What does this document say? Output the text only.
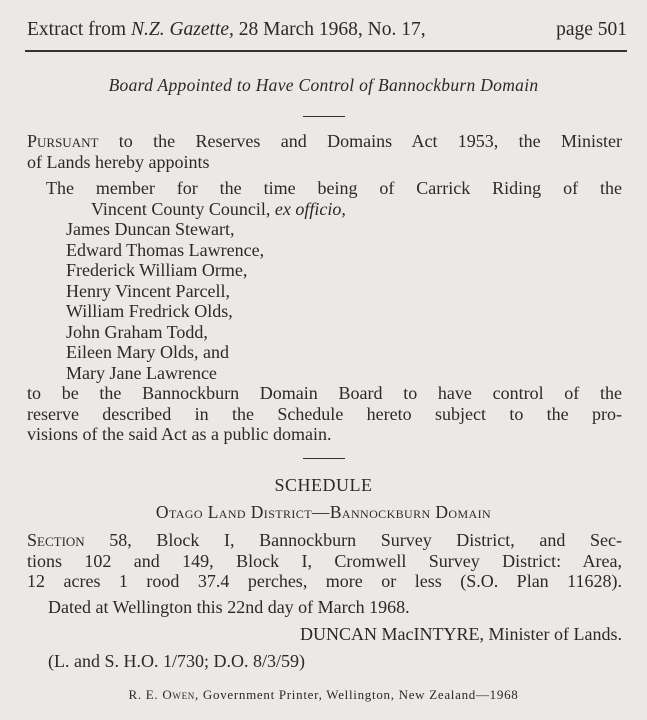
Extract from N.Z. Gazette, 28 March 1968, No. 17,	page 501
Board Appointed to Have Control of Bannockburn Domain
Pursuant to the Reserves and Domains Act 1953, the Minister
of Lands hereby appoints
The member for the time being of Carrick Riding of the
Vincent County Council, ex officio,
James Duncan Stewart,
Edward Thomas Lawrence,
Frederick William Orme,
Henry Vincent Parcell,
William Fredrick Olds,
John Graham Todd,
Eileen Mary Olds, and
Mary Jane Lawrence
to be the Bannockburn Domain Board to have control of the
reserve described in the Schedule hereto subject to the pro-
visions of the said Act as a public domain.
SCHEDULE
Otago Land District—Bannockburn Domain
Section 58, Block I, Bannockburn Survey District, and Sec-
tions 102 and 149, Block I, Cromwell Survey District: Area,
12 acres 1 rood 37.4 perches, more or less (S.O. Plan 11628).
Dated at Wellington this 22nd day of March 1968.
DUNCAN MacINTYRE, Minister of Lands.
(L. and S. H.O. 1/730; D.O. 8/3/59)
R. E. Owen, Government Printer, Wellington, New Zealand—1968
